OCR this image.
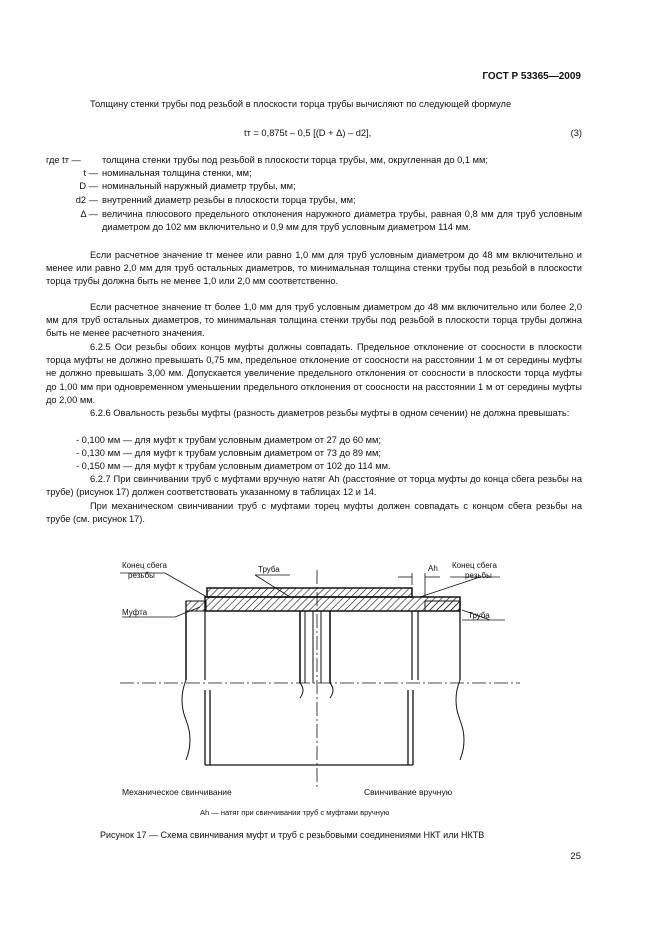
ГОСТ Р 53365—2009
Толщину стенки трубы под резьбой в плоскости торца трубы вычисляют по следующей формуле
tт = 0,875t – 0,5 [(D + Δ) – d2],	(3)
где tт —	толщина стенки трубы под резьбой в плоскости торца трубы, мм, округленная до 0,1 мм;
t — номинальная толщина стенки, мм;
D — номинальный наружный диаметр трубы, мм;
d2 — внутренний диаметр резьбы в плоскости торца трубы, мм;
Δ — величина плюсового предельного отклонения наружного диаметра трубы, равная 0,8 мм для труб условным диаметром до 102 мм включительно и 0,9 мм для труб условным диаметром 114 мм.
Если расчетное значение tт менее или равно 1,0 мм для труб условным диаметром до 48 мм включительно и менее или равно 2,0 мм для труб остальных диаметров, то минимальная толщина стенки трубы под резьбой в плоскости торца трубы должна быть не менее 1,0 или 2,0 мм соответственно.
Если расчетное значение tт более 1,0 мм для труб условным диаметром до 48 мм включительно или более 2,0 мм для труб остальных диаметров, то минимальная толщина стенки трубы под резьбой в плоскости торца трубы должна быть не менее расчетного значения.
6.2.5 Оси резьбы обоих концов муфты должны совпадать. Предельное отклонение от соосности в плоскости торца муфты не должно превышать 0,75 мм, предельное отклонение от соосности на расстоянии 1 м от середины муфты не должно превышать 3,00 мм. Допускается увеличение предельного отклонения от соосности в плоскости торца муфты до 1,00 мм при одновременном уменьшении предельного отклонения от соосности на расстоянии 1 м от середины муфты до 2,00 мм.
6.2.6 Овальность резьбы муфты (разность диаметров резьбы муфты в одном сечении) не должна превышать:
- 0,100 мм — для муфт к трубам условным диаметром от 27 до 60 мм;
- 0,130 мм — для муфт к трубам условным диаметром от 73 до 89 мм;
- 0,150 мм — для муфт к трубам условным диаметром от 102 до 114 мм.
6.2.7 При свинчивании труб с муфтами вручную натяг Ah (расстояние от торца муфты до конца сбега резьбы на трубе) (рисунок 17) должен соответствовать указанному в таблицах 12 и 14.
При механическом свинчивании труб с муфтами торец муфты должен совпадать с концом сбега резьбы на трубе (см. рисунок 17).
Конец сбега
резьбы
Труба	Ah Конец сбега
резьбы
Муфта	Труба
Механическое свинчивание	Свинчивание вручную
Ah — натяг при свинчивании труб с муфтами вручную
Рисунок 17 — Схема свинчивания муфт и труб с резьбовыми соединениями НКТ или НКТВ
25
